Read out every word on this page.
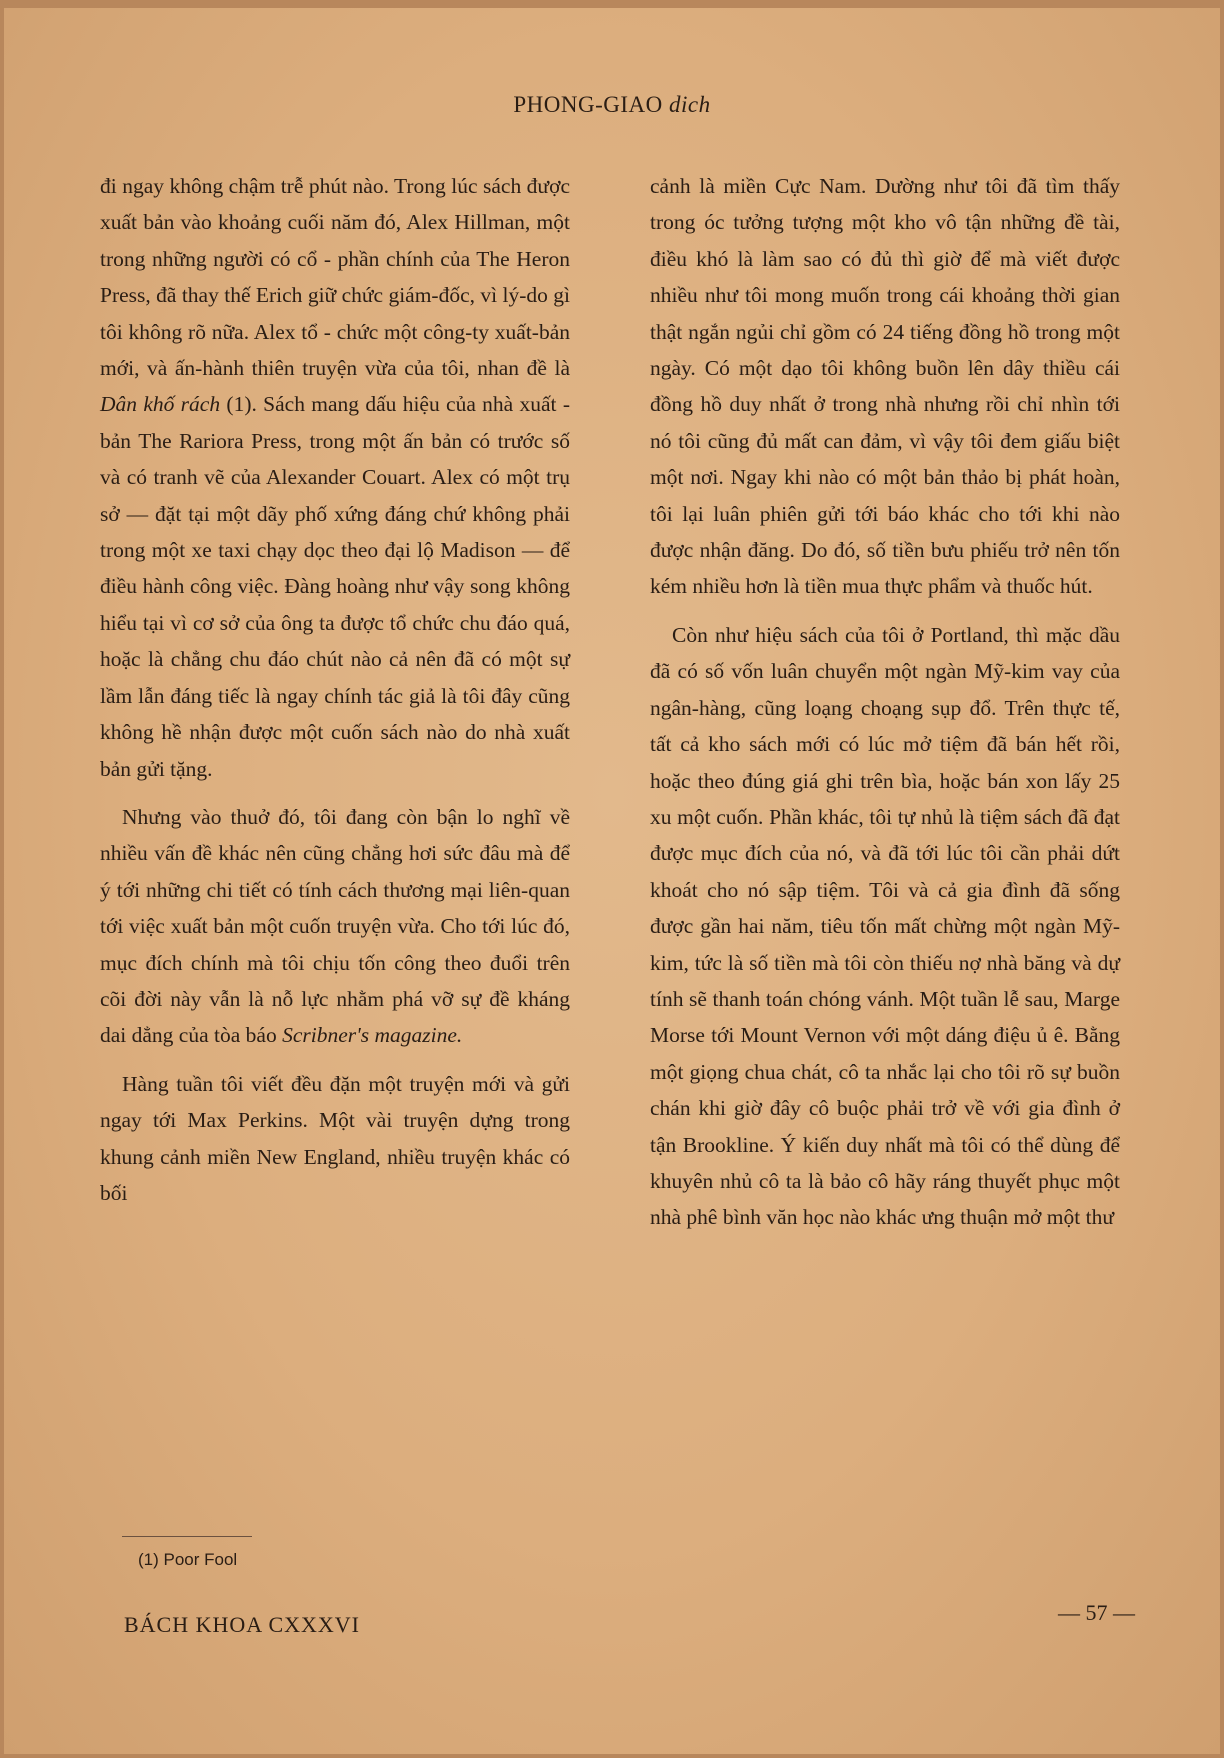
PHONG-GIAO dich

đi ngay không chậm trễ phút nào. Trong lúc sách được xuất bản vào khoảng cuối năm đó, Alex Hillman, một trong những người có cổ - phần chính của The Heron Press, đã thay thế Erich giữ chức giám-đốc, vì lý-do gì tôi không rõ nữa. Alex tổ - chức một công-ty xuất-bản mới, và ấn-hành thiên truyện vừa của tôi, nhan đề là Dân khố rách (1). Sách mang dấu hiệu của nhà xuất - bản The Rariora Press, trong một ấn bản có trước số và có tranh vẽ của Alexander Couart. Alex có một trụ sở — đặt tại một dãy phố xứng đáng chứ không phải trong một xe taxi chạy dọc theo đại lộ Madison — để điều hành công việc. Đàng hoàng như vậy song không hiểu tại vì cơ sở của ông ta được tổ chức chu đáo quá, hoặc là chẳng chu đáo chút nào cả nên đã có một sự lầm lẫn đáng tiếc là ngay chính tác giả là tôi đây cũng không hề nhận được một cuốn sách nào do nhà xuất bản gửi tặng.

Nhưng vào thuở đó, tôi đang còn bận lo nghĩ về nhiều vấn đề khác nên cũng chẳng hơi sức đâu mà để ý tới những chi tiết có tính cách thương mại liên-quan tới việc xuất bản một cuốn truyện vừa. Cho tới lúc đó, mục đích chính mà tôi chịu tốn công theo đuổi trên cõi đời này vẫn là nỗ lực nhằm phá vỡ sự đề kháng dai dẳng của tòa báo Scribner's magazine.

Hàng tuần tôi viết đều đặn một truyện mới và gửi ngay tới Max Perkins. Một vài truyện dựng trong khung cảnh miền New England, nhiều truyện khác có bối

cảnh là miền Cực Nam. Dường như tôi đã tìm thấy trong óc tưởng tượng một kho vô tận những đề tài, điều khó là làm sao có đủ thì giờ để mà viết được nhiều như tôi mong muốn trong cái khoảng thời gian thật ngắn ngủi chỉ gồm có 24 tiếng đồng hồ trong một ngày. Có một dạo tôi không buồn lên dây thiều cái đồng hồ duy nhất ở trong nhà nhưng rồi chỉ nhìn tới nó tôi cũng đủ mất can đảm, vì vậy tôi đem giấu biệt một nơi. Ngay khi nào có một bản thảo bị phát hoàn, tôi lại luân phiên gửi tới báo khác cho tới khi nào được nhận đăng. Do đó, số tiền bưu phiếu trở nên tốn kém nhiều hơn là tiền mua thực phẩm và thuốc hút.

Còn như hiệu sách của tôi ở Portland, thì mặc dầu đã có số vốn luân chuyển một ngàn Mỹ-kim vay của ngân-hàng, cũng loạng choạng sụp đổ. Trên thực tế, tất cả kho sách mới có lúc mở tiệm đã bán hết rồi, hoặc theo đúng giá ghi trên bìa, hoặc bán xon lấy 25 xu một cuốn. Phần khác, tôi tự nhủ là tiệm sách đã đạt được mục đích của nó, và đã tới lúc tôi cần phải dứt khoát cho nó sập tiệm. Tôi và cả gia đình đã sống được gần hai năm, tiêu tốn mất chừng một ngàn Mỹ-kim, tức là số tiền mà tôi còn thiếu nợ nhà băng và dự tính sẽ thanh toán chóng vánh. Một tuần lễ sau, Marge Morse tới Mount Vernon với một dáng điệu ủ ê. Bằng một giọng chua chát, cô ta nhắc lại cho tôi rõ sự buồn chán khi giờ đây cô buộc phải trở về với gia đình ở tận Brookline. Ý kiến duy nhất mà tôi có thể dùng để khuyên nhủ cô ta là bảo cô hãy ráng thuyết phục một nhà phê bình văn học nào khác ưng thuận mở một thư

(1) Poor Fool
BÁCH KHOA CXXXVI	— 57 —
